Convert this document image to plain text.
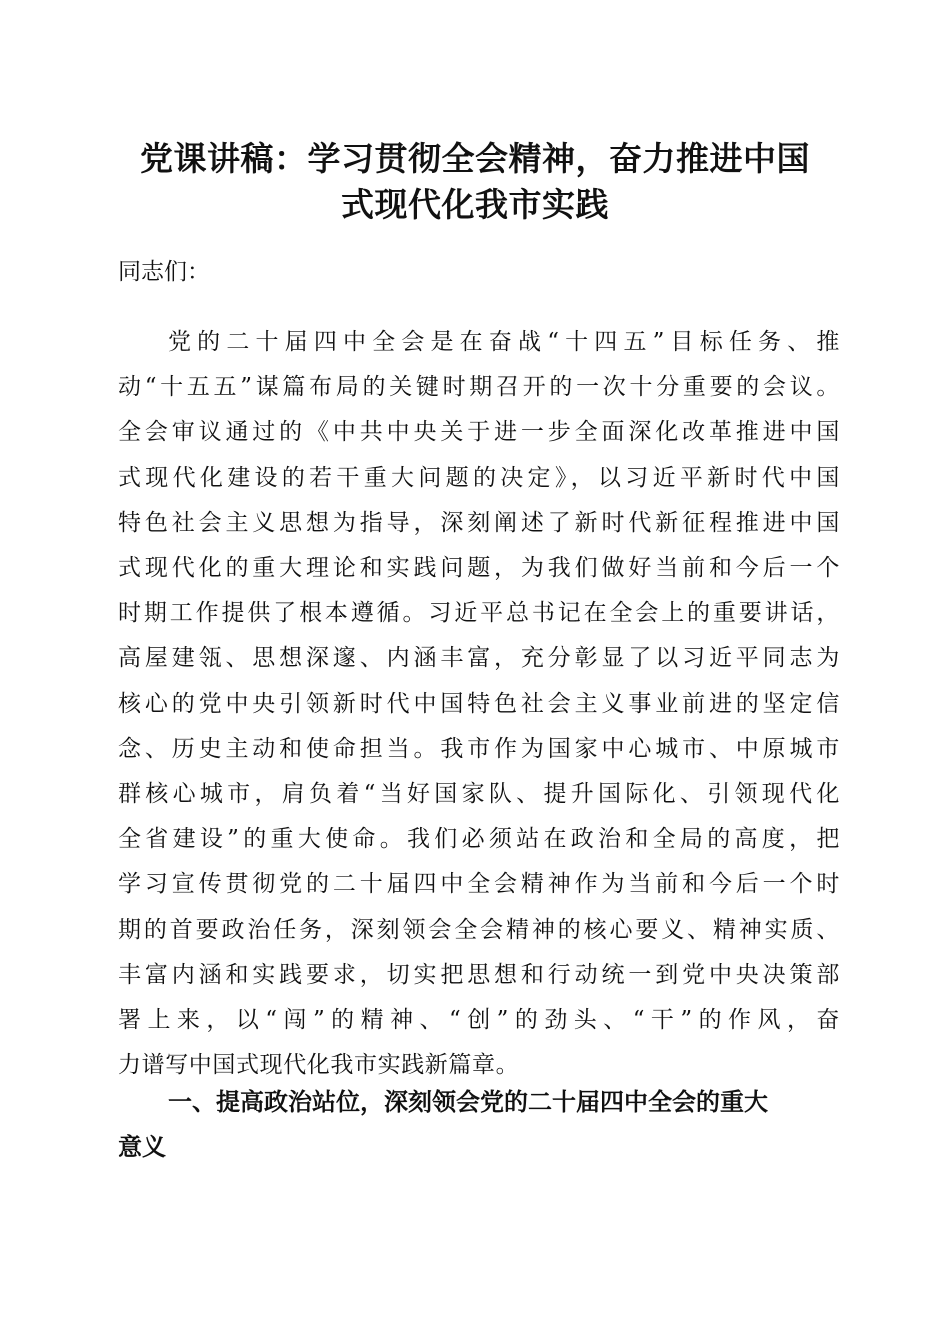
党课讲稿：学习贯彻全会精神，奋力推进中国
式现代化我市实践

同志们：

党的二十届四中全会是在奋战“十四五”目标任务、推
动“十五五”谋篇布局的关键时期召开的一次十分重要的会议。
全会审议通过的《中共中央关于进一步全面深化改革推进中国
式现代化建设的若干重大问题的决定》，以习近平新时代中国
特色社会主义思想为指导，深刻阐述了新时代新征程推进中国
式现代化的重大理论和实践问题，为我们做好当前和今后一个
时期工作提供了根本遵循。习近平总书记在全会上的重要讲话，
高屋建瓴、思想深邃、内涵丰富，充分彰显了以习近平同志为
核心的党中央引领新时代中国特色社会主义事业前进的坚定信
念、历史主动和使命担当。我市作为国家中心城市、中原城市
群核心城市，肩负着“当好国家队、提升国际化、引领现代化
全省建设”的重大使命。我们必须站在政治和全局的高度，把
学习宣传贯彻党的二十届四中全会精神作为当前和今后一个时
期的首要政治任务，深刻领会全会精神的核心要义、精神实质、
丰富内涵和实践要求，切实把思想和行动统一到党中央决策部
署上来，以“闯”的精神、“创”的劲头、“干”的作风，奋
力谱写中国式现代化我市实践新篇章。
一、提高政治站位，深刻领会党的二十届四中全会的重大
意义
